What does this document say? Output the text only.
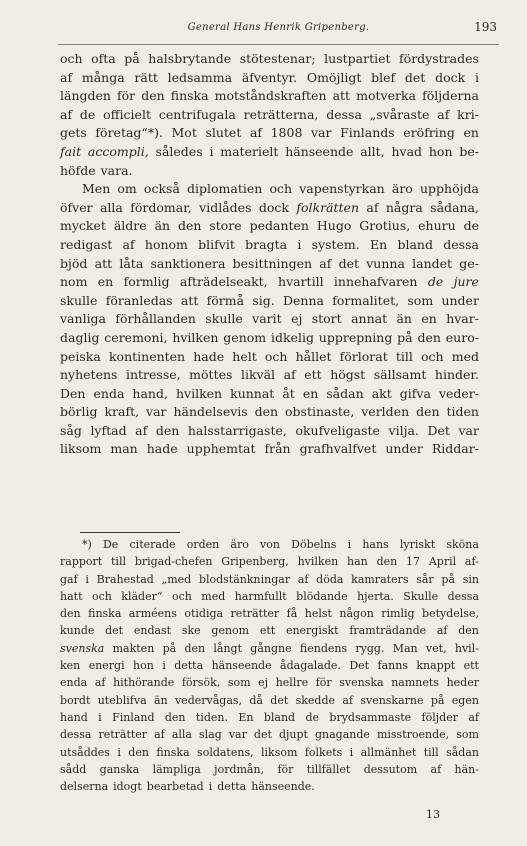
General Hans Henrik Gripenberg.	193
och ofta på halsbrytande stötestenar; lustpartiet fördystrades
af många rätt ledsamma äfventyr. Omöjligt blef det dock i
längden för den finska motståndskraften att motverka följderna
af de officielt centrifugala reträtterna, dessa „svåraste af kri-
gets företag“*). Mot slutet af 1808 var Finlands eröfring en
fait accompli, således i materielt hänseende allt, hvad hon be-
höfde vara.
Men om också diplomatien och vapenstyrkan äro upphöjda
öfver alla fördomar, vidlådes dock folkrätten af några sådana,
mycket äldre än den store pedanten Hugo Grotius, ehuru de
redigast af honom blifvit bragta i system. En bland dessa
bjöd att låta sanktionera besittningen af det vunna landet ge-
nom en formlig afträdelseakt, hvartill innehafvaren de jure
skulle föranledas att förmå sig. Denna formalitet, som under
vanliga förhållanden skulle varit ej stort annat än en hvar-
daglig ceremoni, hvilken genom idkelig upprepning på den euro-
peiska kontinenten hade helt och hållet förlorat till och med
nyhetens intresse, möttes likväl af ett högst sällsamt hinder.
Den enda hand, hvilken kunnat åt en sådan akt gifva veder-
börlig kraft, var händelsevis den obstinaste, verlden den tiden
såg lyftad af den halsstarrigaste, okufveligaste vilja. Det var
liksom man hade upphemtat från grafhvalfvet under Riddar-
*) De citerade orden äro von Döbelns i hans lyriskt sköna
rapport till brigad-chefen Gripenberg, hvilken han den 17 April af-
gaf i Brahestad „med blodstänkningar af döda kamraters sår på sin
hatt och kläder“ och med harmfullt blödande hjerta. Skulle dessa
den finska arméens otidiga reträtter få helst någon rimlig betydelse,
kunde det endast ske genom ett energiskt framträdande af den
svenska makten på den långt gångne fiendens rygg. Man vet, hvil-
ken energi hon i detta hänseende ådagalade. Det fanns knappt ett
enda af hithörande försök, som ej hellre för svenska namnets heder
bordt uteblifva än vedervågas, då det skedde af svenskarne på egen
hand i Finland den tiden. En bland de brydsammaste följder af
dessa reträtter af alla slag var det djupt gnagande misstroende, som
utsåddes i den finska soldatens, liksom folkets i allmänhet till sådan
sådd ganska lämpliga jordmån, för tillfället dessutom af hän-
delserna idogt bearbetad i detta hänseende.
13
